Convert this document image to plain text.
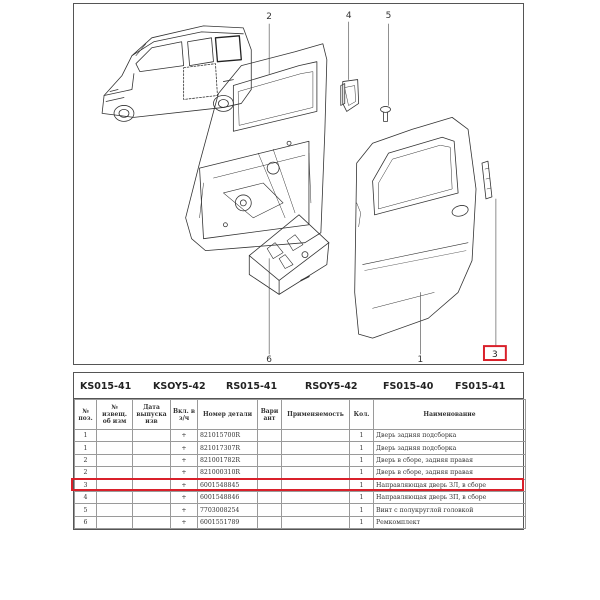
2	4	5
6	1	3
KS015-41 KSOY5-42 RS015-41	RSOY5-42	FS015-40 FS015-41
№ поз.	№ извещ. об изм	Дата выпуска изв	Вкл. в з/ч	Номер детали	Вари ант	Применяемость	Кол.	Наименование
1			+	821015700R			1	Дверь задняя подсборка
1			+	821017307R			1	Дверь задняя подсборка
2			+	821001782R			1	Дверь в сборе, задняя правая
2			+	821000310R			1	Дверь в сборе, задняя правая
3			+	6001548845			1	Направляющая дверь ЗЛ, в сборе
4			+	6001548846			1	Направляющая дверь ЗП, в сборе
5			+	7703008254			1	Винт с полукруглой головкой
6			+	6001551789			1	Ремкомплект
